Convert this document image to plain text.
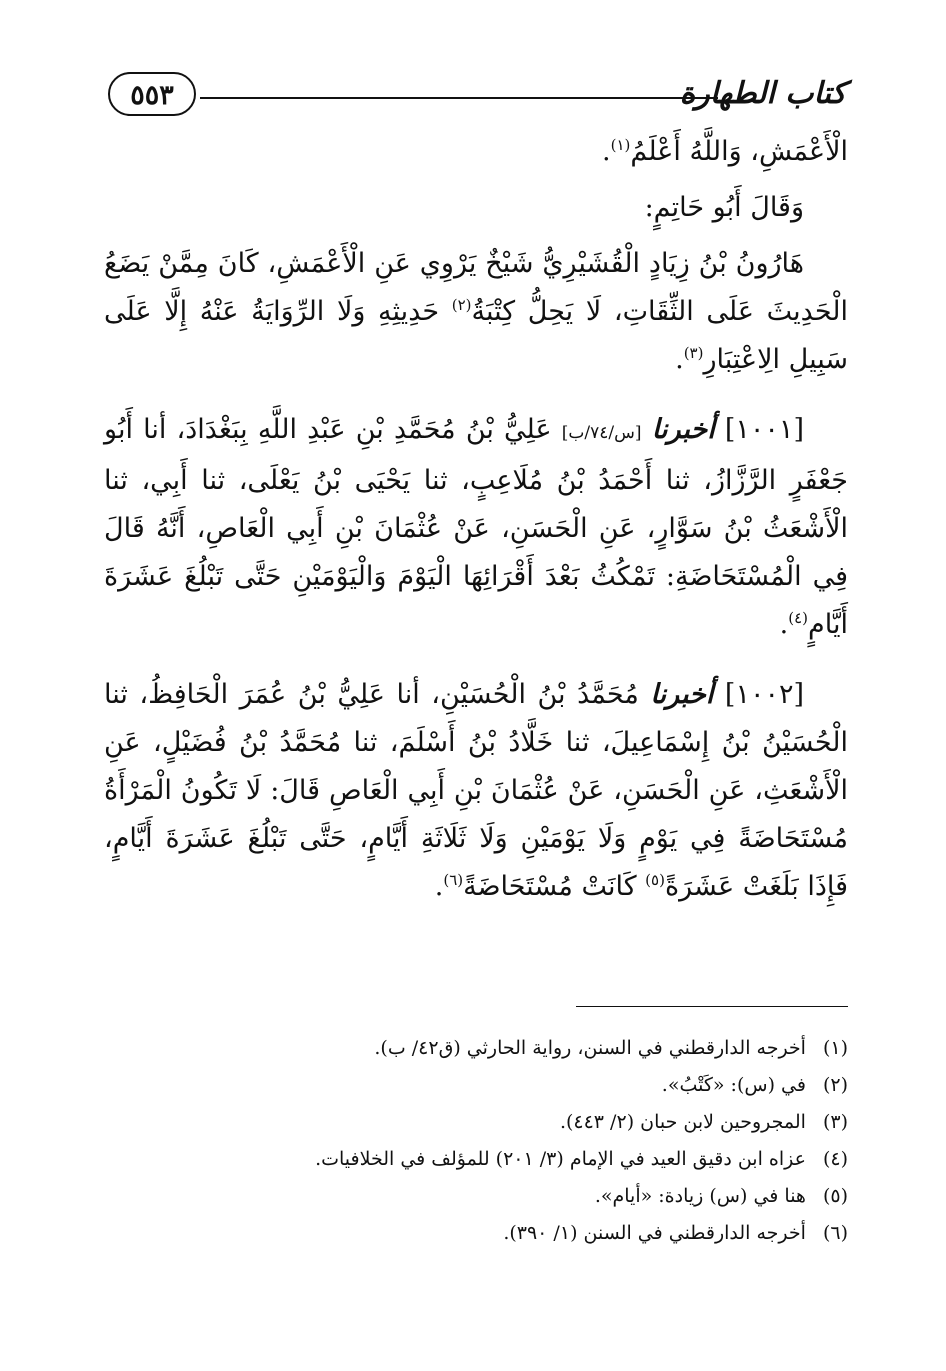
كتاب الطهارة
٥٥٣

الْأَعْمَشِ، وَاللَّهُ أَعْلَمُ$^{(١)}$.

وَقَالَ أَبُو حَاتِمٍ:

هَارُونُ بْنُ زِيَادٍ الْقُشَيْرِيُّ شَيْخٌ يَرْوِي عَنِ الْأَعْمَشِ، كَانَ مِمَّنْ يَضَعُ الْحَدِيثَ عَلَى الثِّقَاتِ، لَا يَحِلُّ كِتْبَةُ$^{(٢)}$ حَدِيثِهِ وَلَا الرِّوَايَةُ عَنْهُ إِلَّا عَلَى سَبِيلِ الِاعْتِبَارِ$^{(٣)}$.

[١٠٠١] أخبرنا [س/٧٤/ب] عَلِيُّ بْنُ مُحَمَّدِ بْنِ عَبْدِ اللَّهِ بِبَغْدَادَ، أنا أَبُو جَعْفَرٍ الرَّزَّازُ، ثنا أَحْمَدُ بْنُ مُلَاعِبٍ، ثنا يَحْيَى بْنُ يَعْلَى، ثنا أَبِي، ثنا الْأَشْعَثُ بْنُ سَوَّارٍ، عَنِ الْحَسَنِ، عَنْ عُثْمَانَ بْنِ أَبِي الْعَاصِ، أَنَّهُ قَالَ فِي الْمُسْتَحَاضَةِ: تَمْكُثُ بَعْدَ أَقْرَائِهَا الْيَوْمَ وَالْيَوْمَيْنِ حَتَّى تَبْلُغَ عَشَرَةَ أَيَّامٍ$^{(٤)}$.

[١٠٠٢] أخبرنا مُحَمَّدُ بْنُ الْحُسَيْنِ، أنا عَلِيُّ بْنُ عُمَرَ الْحَافِظُ، ثنا الْحُسَيْنُ بْنُ إِسْمَاعِيلَ، ثنا خَلَّادُ بْنُ أَسْلَمَ، ثنا مُحَمَّدُ بْنُ فُضَيْلٍ، عَنِ الْأَشْعَثِ، عَنِ الْحَسَنِ، عَنْ عُثْمَانَ بْنِ أَبِي الْعَاصِ قَالَ: لَا تَكُونُ الْمَرْأَةُ مُسْتَحَاضَةً فِي يَوْمٍ وَلَا يَوْمَيْنِ وَلَا ثَلَاثَةِ أَيَّامٍ، حَتَّى تَبْلُغَ عَشَرَةَ أَيَّامٍ، فَإِذَا بَلَغَتْ عَشَرَةً$^{(٥)}$ كَانَتْ مُسْتَحَاضَةً$^{(٦)}$.

(١) أخرجه الدارقطني في السنن، رواية الحارثي (ق٤٢/ ب).

(٢) في (س): «كَتْبُ».

(٣) المجروحين لابن حبان (٢/ ٤٤٣).

(٤) عزاه ابن دقيق العيد في الإمام (٣/ ٢٠١) للمؤلف في الخلافيات.

(٥) هنا في (س) زيادة: «أيام».

(٦) أخرجه الدارقطني في السنن (١/ ٣٩٠).
